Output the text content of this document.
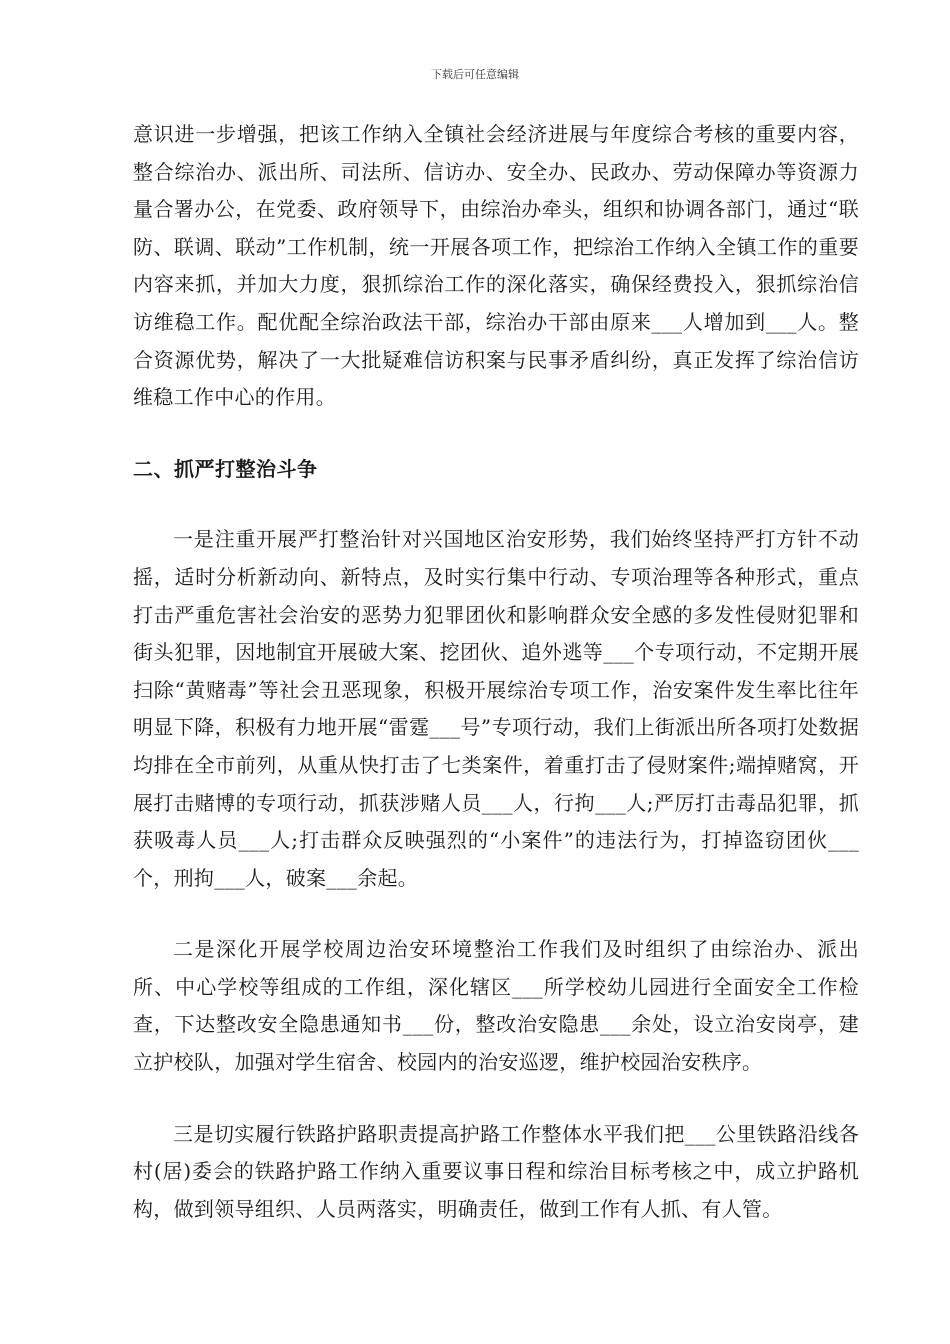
下载后可任意编辑

意识进一步增强，把该工作纳入全镇社会经济进展与年度综合考核的重要内容，整合综治办、派出所、司法所、信访办、安全办、民政办、劳动保障办等资源力量合署办公，在党委、政府领导下，由综治办牵头，组织和协调各部门，通过“联防、联调、联动”工作机制，统一开展各项工作，把综治工作纳入全镇工作的重要内容来抓，并加大力度，狠抓综治工作的深化落实，确保经费投入，狠抓综治信访维稳工作。配优配全综治政法干部，综治办干部由原来___人增加到___人。整合资源优势，解决了一大批疑难信访积案与民事矛盾纠纷，真正发挥了综治信访维稳工作中心的作用。

二、抓严打整治斗争

一是注重开展严打整治针对兴国地区治安形势，我们始终坚持严打方针不动摇，适时分析新动向、新特点，及时实行集中行动、专项治理等各种形式，重点打击严重危害社会治安的恶势力犯罪团伙和影响群众安全感的多发性侵财犯罪和街头犯罪，因地制宜开展破大案、挖团伙、追外逃等___个专项行动，不定期开展扫除“黄赌毒”等社会丑恶现象，积极开展综治专项工作，治安案件发生率比往年明显下降，积极有力地开展“雷霆___号”专项行动，我们上街派出所各项打处数据均排在全市前列，从重从快打击了七类案件，着重打击了侵财案件;端掉赌窝，开展打击赌博的专项行动，抓获涉赌人员___人，行拘___人;严厉打击毒品犯罪，抓获吸毒人员___人;打击群众反映强烈的“小案件”的违法行为，打掉盗窃团伙___个，刑拘___人，破案___余起。

二是深化开展学校周边治安环境整治工作我们及时组织了由综治办、派出所、中心学校等组成的工作组，深化辖区___所学校幼儿园进行全面安全工作检查，下达整改安全隐患通知书___份，整改治安隐患___余处，设立治安岗亭，建立护校队，加强对学生宿舍、校园内的治安巡逻，维护校园治安秩序。

三是切实履行铁路护路职责提高护路工作整体水平我们把___公里铁路沿线各村(居)委会的铁路护路工作纳入重要议事日程和综治目标考核之中，成立护路机构，做到领导组织、人员两落实，明确责任，做到工作有人抓、有人管。
